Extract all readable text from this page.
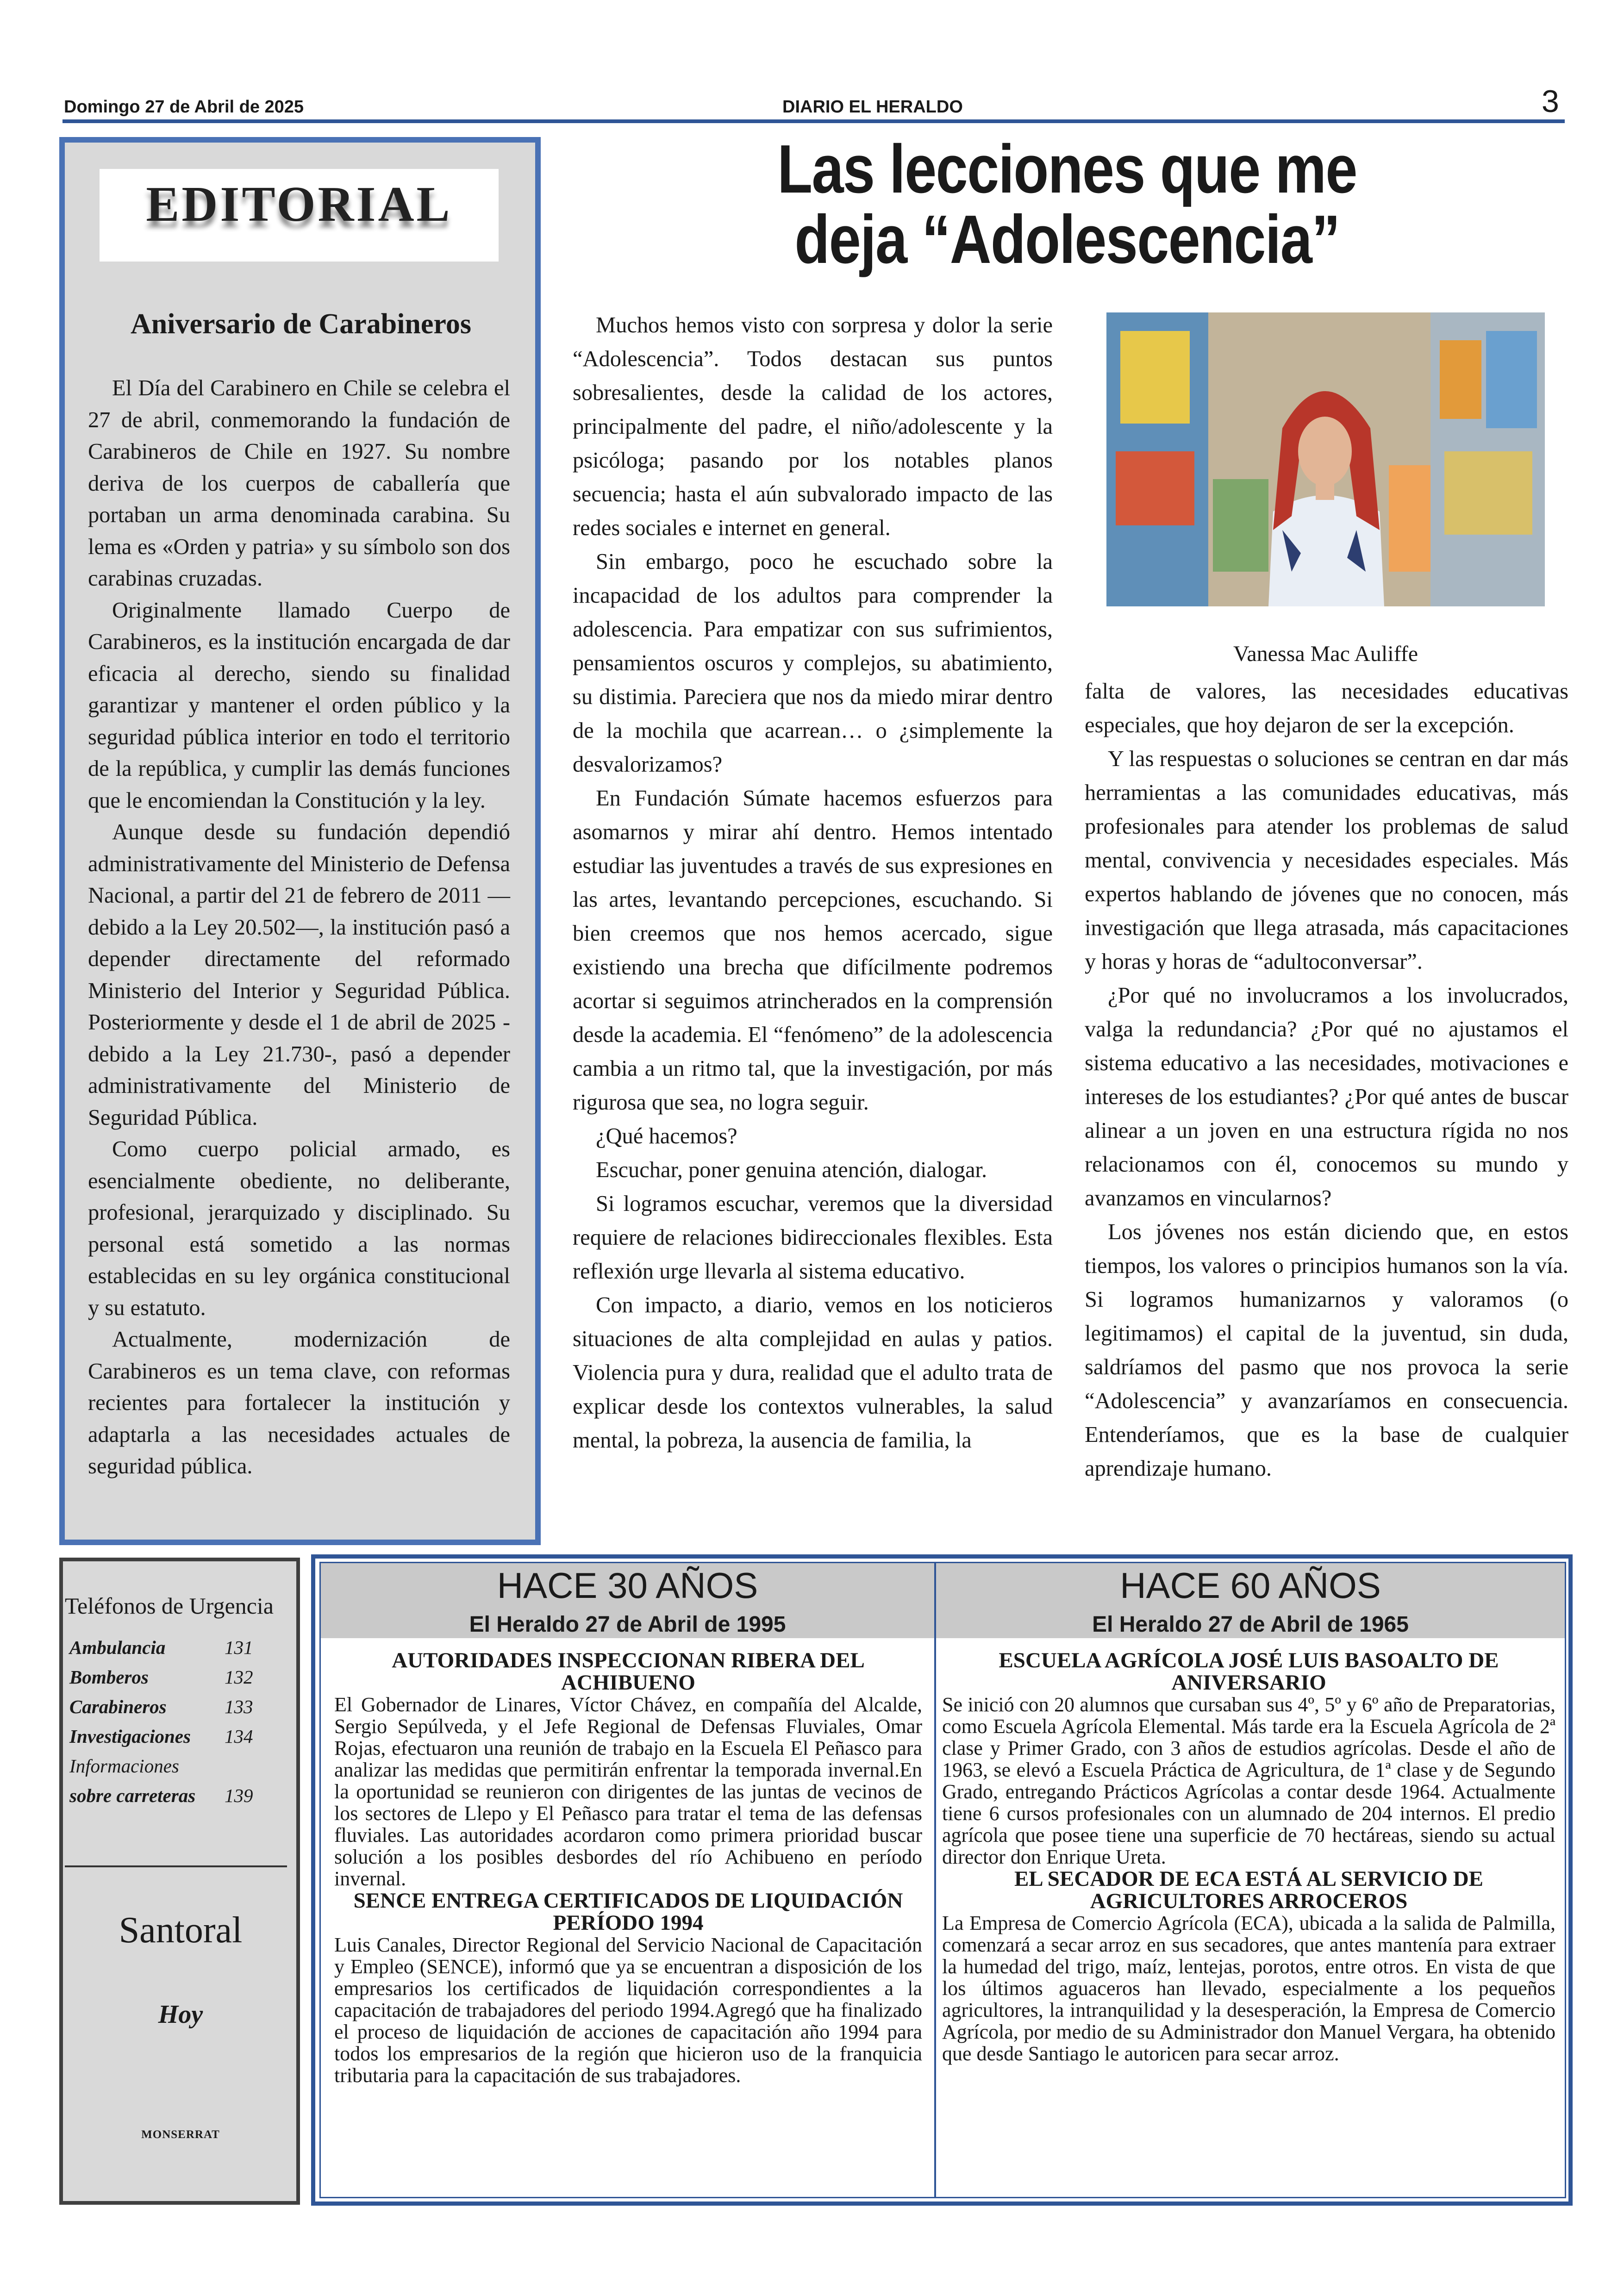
Domingo 27 de Abril de 2025	DIARIO EL HERALDO	3
EDITORIAL
Aniversario de Carabineros

El Día del Carabinero en Chile se celebra el 27 de abril, conmemorando la fundación de Carabineros de Chile en 1927. Su nombre deriva de los cuerpos de caballería que portaban un arma denominada carabina. Su lema es «Orden y patria» y su símbolo son dos carabinas cruzadas.

Originalmente llamado Cuerpo de Carabineros, es la institución encargada de dar eficacia al derecho, siendo su finalidad garantizar y mantener el orden público y la seguridad pública interior en todo el territorio de la república, y cumplir las demás funciones que le encomiendan la Constitución y la ley.

Aunque desde su fundación dependió administrativamente del Ministerio de Defensa Nacional, a partir del 21 de febrero de 2011 —debido a la Ley 20.502—, la institución pasó a depender directamente del reformado Ministerio del Interior y Seguridad Pública. Posteriormente y desde el 1 de abril de 2025 -debido a la Ley 21.730-, pasó a depender administrativamente del Ministerio de Seguridad Pública.

Como cuerpo policial armado, es esencialmente obediente, no deliberante, profesional, jerarquizado y disciplinado. Su personal está sometido a las normas establecidas en su ley orgánica constitucional y su estatuto.

Actualmente, modernización de Carabineros es un tema clave, con reformas recientes para fortalecer la institución y adaptarla a las necesidades actuales de seguridad pública.

Las lecciones que me
deja “Adolescencia”

Muchos hemos visto con sorpresa y dolor la serie “Adolescencia”. Todos destacan sus puntos sobresalientes, desde la calidad de los actores, principalmente del padre, el niño/adolescente y la psicóloga; pasando por los notables planos secuencia; hasta el aún subvalorado impacto de las redes sociales e internet en general.

Sin embargo, poco he escuchado sobre la incapacidad de los adultos para comprender la adolescencia. Para empatizar con sus sufrimientos, pensamientos oscuros y complejos, su abatimiento, su distimia. Pareciera que nos da miedo mirar dentro de la mochila que acarrean… o ¿simplemente la desvalorizamos?

En Fundación Súmate hacemos esfuerzos para asomarnos y mirar ahí dentro. Hemos intentado estudiar las juventudes a través de sus expresiones en las artes, levantando percepciones, escuchando. Si bien creemos que nos hemos acercado, sigue existiendo una brecha que difícilmente podremos acortar si seguimos atrincherados en la comprensión desde la academia. El “fenómeno” de la adolescencia cambia a un ritmo tal, que la investigación, por más rigurosa que sea, no logra seguir.

¿Qué hacemos?

Escuchar, poner genuina atención, dialogar.

Si logramos escuchar, veremos que la diversidad requiere de relaciones bidireccionales flexibles. Esta reflexión urge llevarla al sistema educativo.

Con impacto, a diario, vemos en los noticieros situaciones de alta complejidad en aulas y patios. Violencia pura y dura, realidad que el adulto trata de explicar desde los contextos vulnerables, la salud mental, la pobreza, la ausencia de familia, la

Vanessa Mac Auliffe

falta de valores, las necesidades educativas especiales, que hoy dejaron de ser la excepción.

Y las respuestas o soluciones se centran en dar más herramientas a las comunidades educativas, más profesionales para atender los problemas de salud mental, convivencia y necesidades especiales. Más expertos hablando de jóvenes que no conocen, más investigación que llega atrasada, más capacitaciones y horas y horas de “adultoconversar”.

¿Por qué no involucramos a los involucrados, valga la redundancia? ¿Por qué no ajustamos el sistema educativo a las necesidades, motivaciones e intereses de los estudiantes? ¿Por qué antes de buscar alinear a un joven en una estructura rígida no nos relacionamos con él, conocemos su mundo y avanzamos en vincularnos?

Los jóvenes nos están diciendo que, en estos tiempos, los valores o principios humanos son la vía. Si logramos humanizarnos y valoramos (o legitimamos) el capital de la juventud, sin duda, saldríamos del pasmo que nos provoca la serie “Adolescencia” y avanzaríamos en consecuencia. Entenderíamos, que es la base de cualquier aprendizaje humano.

Teléfonos de Urgencia
Ambulancia	131
Bomberos	132
Carabineros	133
Investigaciones 134
Informaciones
sobre carreteras 139
Santoral
Hoy
MONSERRAT
HACE 30 AÑOS
El Heraldo 27 de Abril de 1995
HACE 60 AÑOS
El Heraldo 27 de Abril de 1965
AUTORIDADES INSPECCIONAN RIBERA DEL ACHIBUENO

El Gobernador de Linares, Víctor Chávez, en compañía del Alcalde, Sergio Sepúlveda, y el Jefe Regional de Defensas Fluviales, Omar Rojas, efectuaron una reunión de trabajo en la Escuela El Peñasco para analizar las medidas que permitirán enfrentar la temporada invernal.En la oportunidad se reunieron con dirigentes de las juntas de vecinos de los sectores de Llepo y El Peñasco para tratar el tema de las defensas fluviales. Las autoridades acordaron como primera prioridad buscar solución a los posibles desbordes del río Achibueno en período invernal.

SENCE ENTREGA CERTIFICADOS DE LIQUIDACIÓN PERÍODO 1994

Luis Canales, Director Regional del Servicio Nacional de Capacitación y Empleo (SENCE), informó que ya se encuentran a disposición de los empresarios los certificados de liquidación correspondientes a la capacitación de trabajadores del periodo 1994.Agregó que ha finalizado el proceso de liquidación de acciones de capacitación año 1994 para todos los empresarios de la región que hicieron uso de la franquicia tributaria para la capacitación de sus trabajadores.

ESCUELA AGRÍCOLA JOSÉ LUIS BASOALTO DE ANIVERSARIO

Se inició con 20 alumnos que cursaban sus 4º, 5º y 6º año de Preparatorias, como Escuela Agrícola Elemental. Más tarde era la Escuela Agrícola de 2ª clase y Primer Grado, con 3 años de estudios agrícolas. Desde el año de 1963, se elevó a Escuela Práctica de Agricultura, de 1ª clase y de Segundo Grado, entregando Prácticos Agrícolas a contar desde 1964. Actualmente tiene 6 cursos profesionales con un alumnado de 204 internos. El predio agrícola que posee tiene una superficie de 70 hectáreas, siendo su actual director don Enrique Ureta.

EL SECADOR DE ECA ESTÁ AL SERVICIO DE AGRICULTORES ARROCEROS

La Empresa de Comercio Agrícola (ECA), ubicada a la salida de Palmilla, comenzará a secar arroz en sus secadores, que antes mantenía para extraer la humedad del trigo, maíz, lentejas, porotos, entre otros. En vista de que los últimos aguaceros han llevado, especialmente a los pequeños agricultores, la intranquilidad y la desesperación, la Empresa de Comercio Agrícola, por medio de su Administrador don Manuel Vergara, ha obtenido que desde Santiago le autoricen para secar arroz.
